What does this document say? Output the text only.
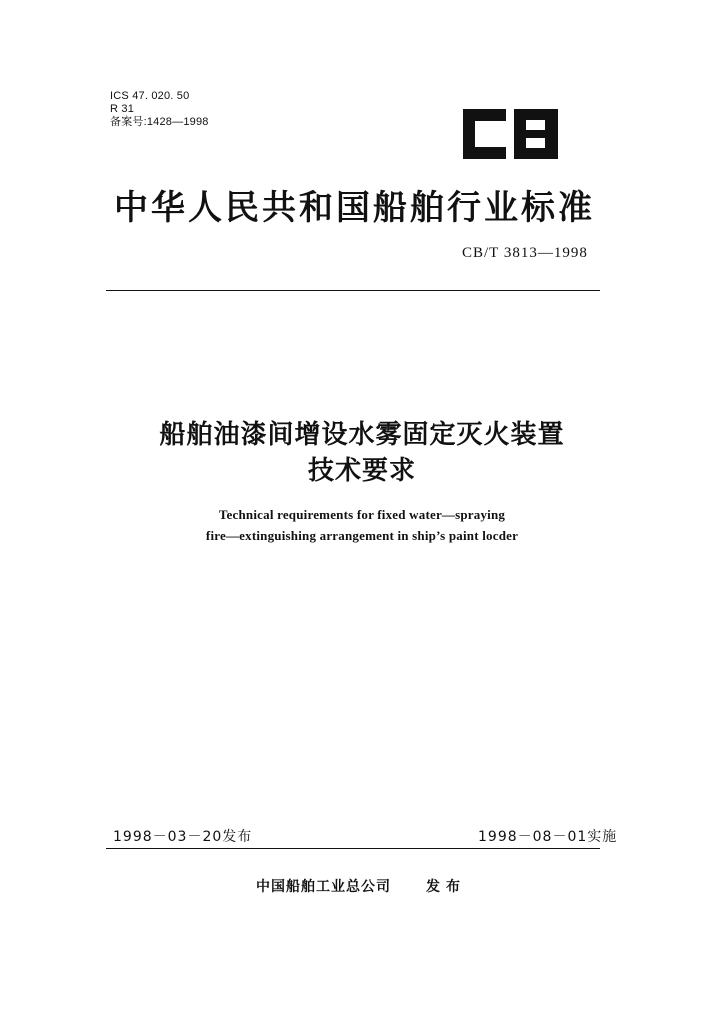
ICS 47. 020. 50
R 31
备案号:1428—1998
中华人民共和国船舶行业标准
CB/T 3813—1998
船舶油漆间增设水雾固定灭火装置
技术要求
Technical requirements for fixed water—spraying
fire—extinguishing arrangement in ship’s paint locder
1998－03－20发布	1998－08－01实施
中国船舶工业总公司	发布
